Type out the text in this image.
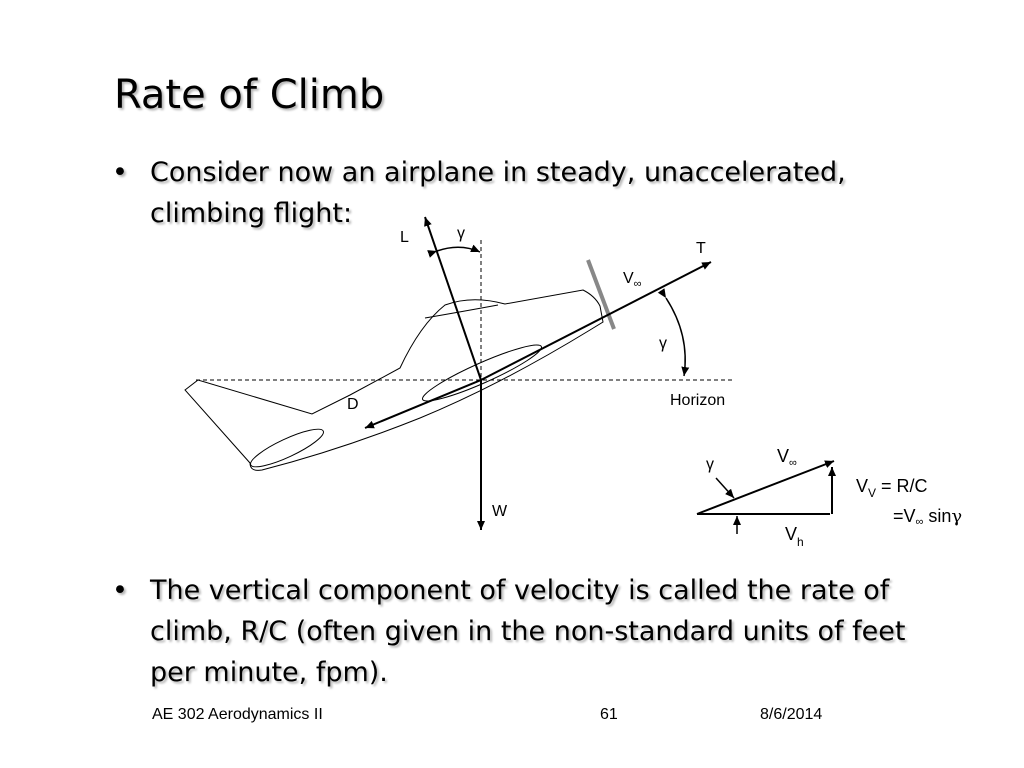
Rate of Climb
• Consider now an airplane in steady, unaccelerated, climbing flight:
L	γ
T
$V_\infty$
γ
D	Horizon
W
γ	$V_\infty$
$V_h$
$V_V = R/C$
=V∞ sinγ
• The vertical component of velocity is called the rate of climb, R/C (often given in the non-standard units of feet per minute, fpm).
AE 302 Aerodynamics II	61	8/6/2014
